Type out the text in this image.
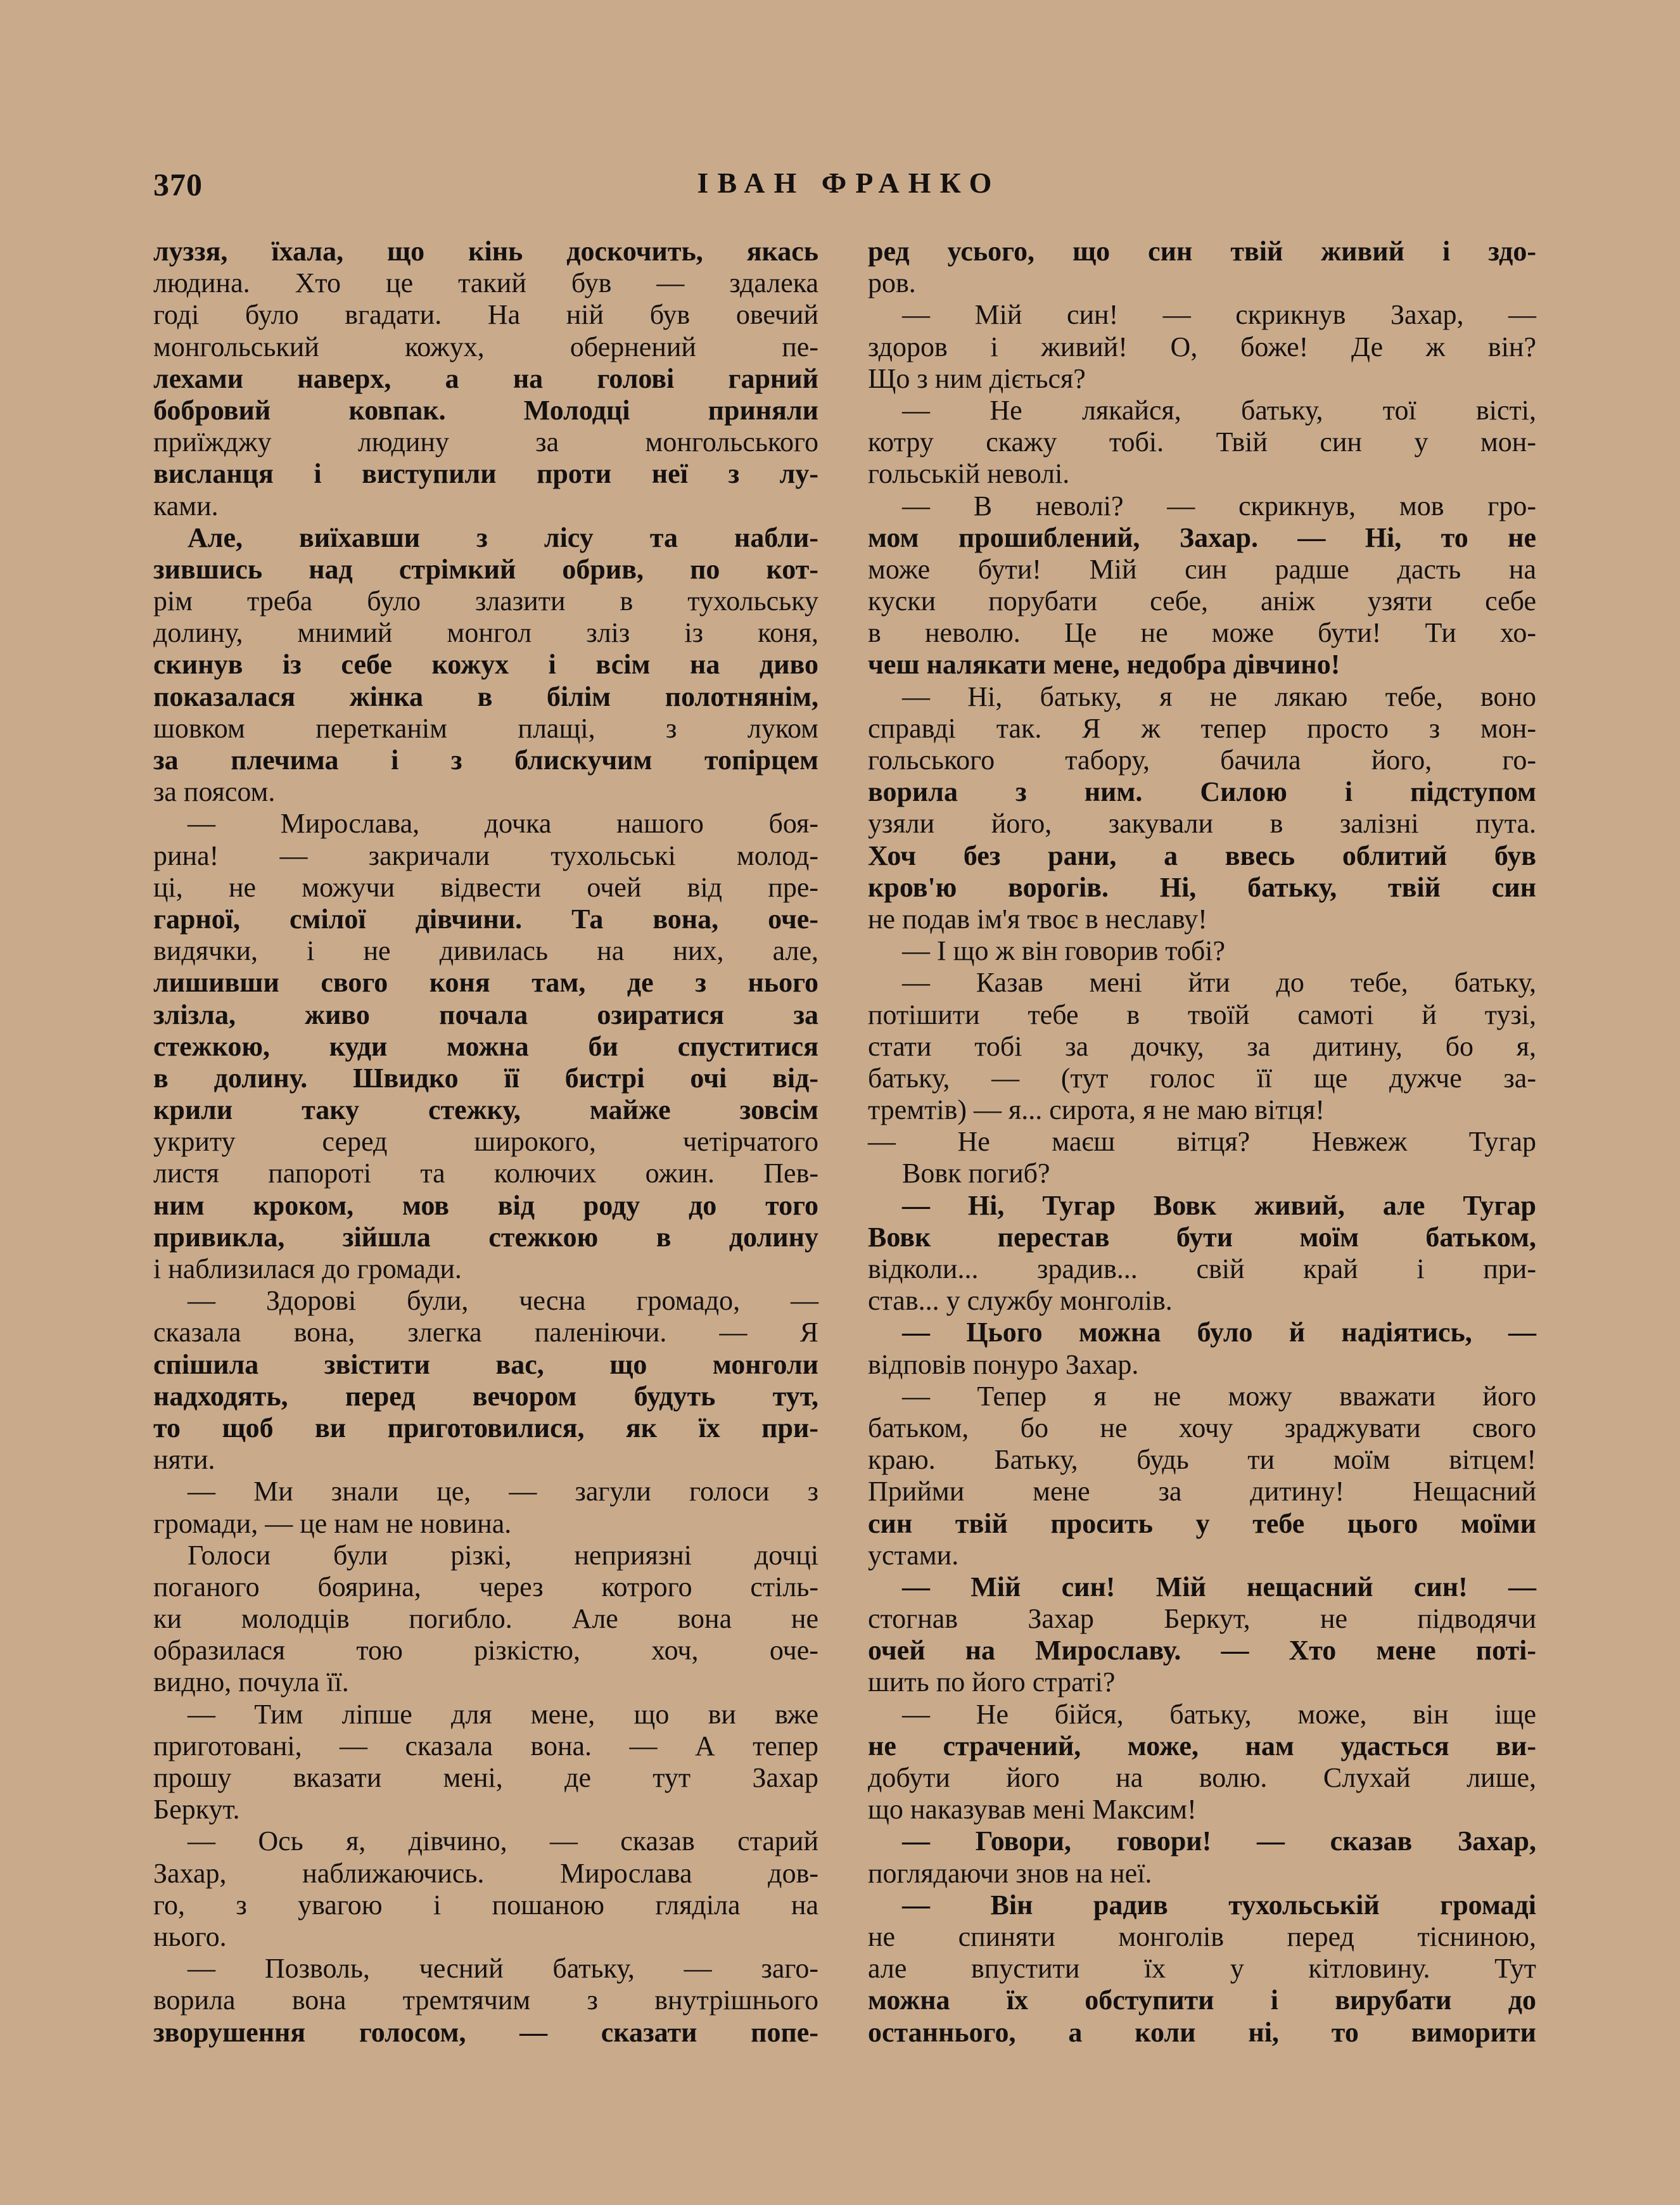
370	ІВАН ФРАНКО
луззя, їхала, що кінь доскочить, якась
людина. Хто це такий був — здалека
годі було вгадати. На ній був овечий
монгольський кожух, обернений пе-
лехами наверх, а на голові гарний
бобровий ковпак. Молодці приняли
приїжджу людину за монгольського
висланця і виступили проти неї з лу-
ками.
Але, виїхавши з лісу та набли-
зившись над стрімкий обрив, по кот-
рім треба було злазити в тухольську
долину, мнимий монгол зліз із коня,
скинув із себе кожух і всім на диво
показалася жінка в білім полотнянім,
шовком перетканім плащі, з луком
за плечима і з блискучим топірцем
за поясом.
— Мирослава, дочка нашого боя-
рина! — закричали тухольські молод-
ці, не можучи відвести очей від пре-
гарної, смілої дівчини. Та вона, оче-
видячки, і не дивилась на них, але,
лишивши свого коня там, де з нього
злізла, живо почала озиратися за
стежкою, куди можна би спуститися
в долину. Швидко її бистрі очі від-
крили таку стежку, майже зовсім
укриту серед широкого, четірчатого
листя папороті та колючих ожин. Пев-
ним кроком, мов від роду до того
привикла, зійшла стежкою в долину
і наблизилася до громади.
— Здорові були, чесна громадо, —
сказала вона, злегка паленіючи. — Я
спішила звістити вас, що монголи
надходять, перед вечором будуть тут,
то щоб ви приготовилися, як їх при-
няти.
— Ми знали це, — загули голоси з
громади, — це нам не новина.
Голоси були різкі, неприязні дочці
поганого боярина, через котрого стіль-
ки молодців погибло. Але вона не
образилася тою різкістю, хоч, оче-
видно, почула її.
— Тим ліпше для мене, що ви вже
приготовані, — сказала вона. — А тепер
прошу вказати мені, де тут Захар
Беркут.
— Ось я, дівчино, — сказав старий
Захар, наближаючись. Мирослава дов-
го, з увагою і пошаною гляділа на
нього.
— Позволь, чесний батьку, — заго-
ворила вона тремтячим з внутрішнього
зворушення голосом, — сказати попе-
ред усього, що син твій живий і здо-
ров.
— Мій син! — скрикнув Захар, —
здоров і живий! О, боже! Де ж він?
Що з ним діється?
— Не лякайся, батьку, тої вісті,
котру скажу тобі. Твій син у мон-
гольській неволі.
— В неволі? — скрикнув, мов гро-
мом прошиблений, Захар. — Ні, то не
може бути! Мій син радше дасть на
куски порубати себе, аніж узяти себе
в неволю. Це не може бути! Ти хо-
чеш налякати мене, недобра дівчино!
— Ні, батьку, я не лякаю тебе, воно
справді так. Я ж тепер просто з мон-
гольського табору, бачила його, го-
ворила з ним. Силою і підступом
узяли його, закували в залізні пута.
Хоч без рани, а ввесь облитий був
кров'ю ворогів. Ні, батьку, твій син
не подав ім'я твоє в неславу!
— І що ж він говорив тобі?
— Казав мені йти до тебе, батьку,
потішити тебе в твоїй самоті й тузі,
стати тобі за дочку, за дитину, бо я,
батьку, — (тут голос її ще дужче за-
тремтів) — я... сирота, я не маю вітця!
— Не маєш вітця? Невжеж Тугар
Вовк погиб?
— Ні, Тугар Вовк живий, але Тугар
Вовк перестав бути моїм батьком,
відколи... зрадив... свій край і при-
став... у службу монголів.
— Цього можна було й надіятись, —
відповів понуро Захар.
— Тепер я не можу вважати його
батьком, бо не хочу зраджувати свого
краю. Батьку, будь ти моїм вітцем!
Прийми мене за дитину! Нещасний
син твій просить у тебе цього моїми
устами.
— Мій син! Мій нещасний син! —
стогнав Захар Беркут, не підводячи
очей на Мирославу. — Хто мене поті-
шить по його страті?
— Не бійся, батьку, може, він іще
не страчений, може, нам удасться ви-
добути його на волю. Слухай лише,
що наказував мені Максим!
— Говори, говори! — сказав Захар,
поглядаючи знов на неї.
— Він радив тухольській громаді
не спиняти монголів перед тісниною,
але впустити їх у кітловину. Тут
можна їх обступити і вирубати до
останнього, а коли ні, то виморити
